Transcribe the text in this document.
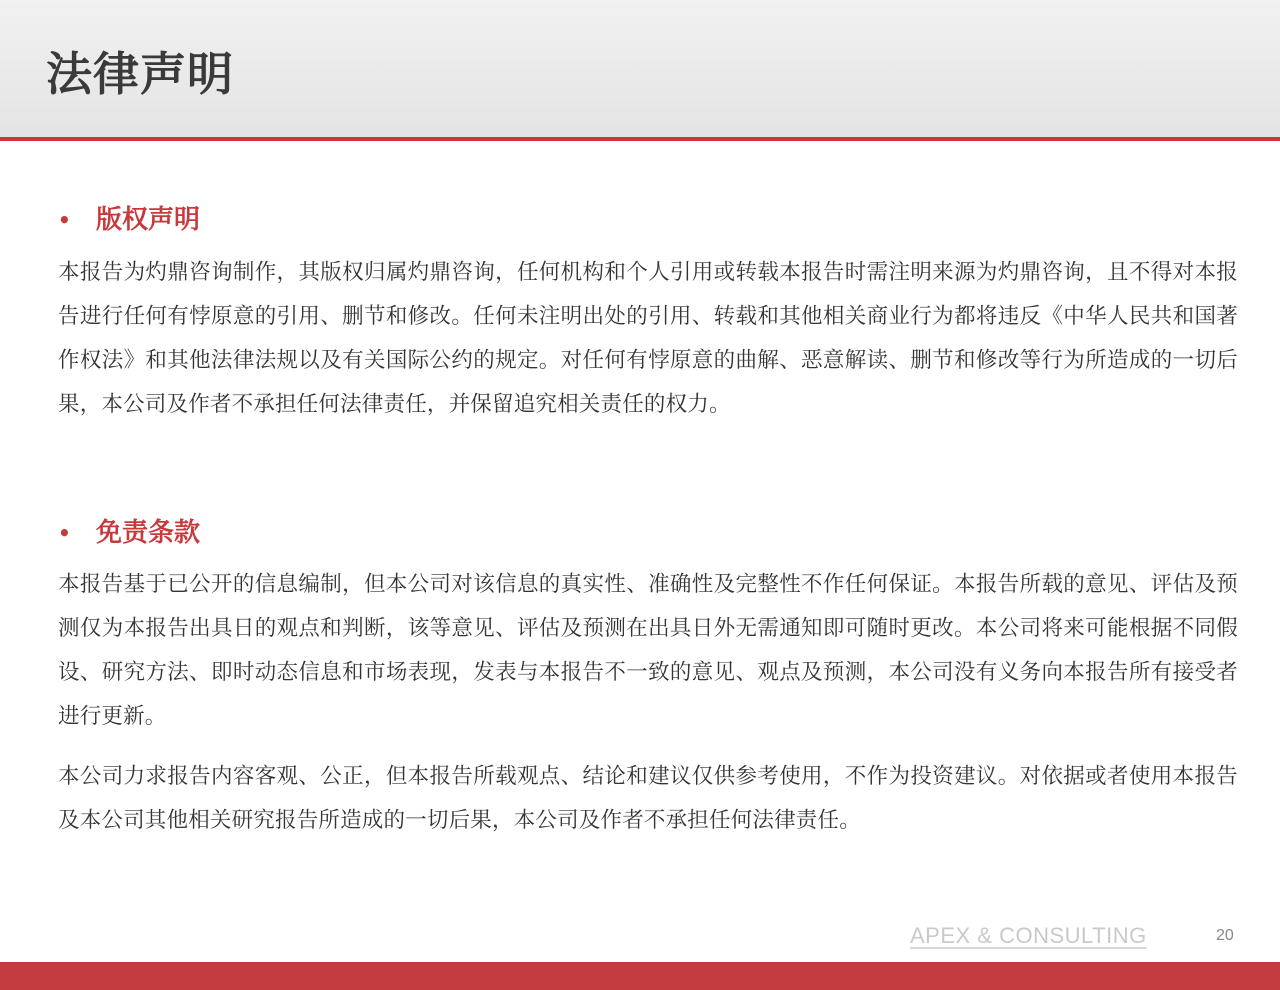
法律声明
• 版权声明

本报告为灼鼎咨询制作，其版权归属灼鼎咨询，任何机构和个人引用或转载本报告时需注明来源为灼鼎咨询，且不得对本报告进行任何有悖原意的引用、删节和修改。任何未注明出处的引用、转载和其他相关商业行为都将违反《中华人民共和国著作权法》和其他法律法规以及有关国际公约的规定。对任何有悖原意的曲解、恶意解读、删节和修改等行为所造成的一切后果，本公司及作者不承担任何法律责任，并保留追究相关责任的权力。

• 免责条款

本报告基于已公开的信息编制，但本公司对该信息的真实性、准确性及完整性不作任何保证。本报告所载的意见、评估及预测仅为本报告出具日的观点和判断，该等意见、评估及预测在出具日外无需通知即可随时更改。本公司将来可能根据不同假设、研究方法、即时动态信息和市场表现，发表与本报告不一致的意见、观点及预测，本公司没有义务向本报告所有接受者进行更新。

本公司力求报告内容客观、公正，但本报告所载观点、结论和建议仅供参考使用，不作为投资建议。对依据或者使用本报告及本公司其他相关研究报告所造成的一切后果，本公司及作者不承担任何法律责任。

APEX & CONSULTING	20
